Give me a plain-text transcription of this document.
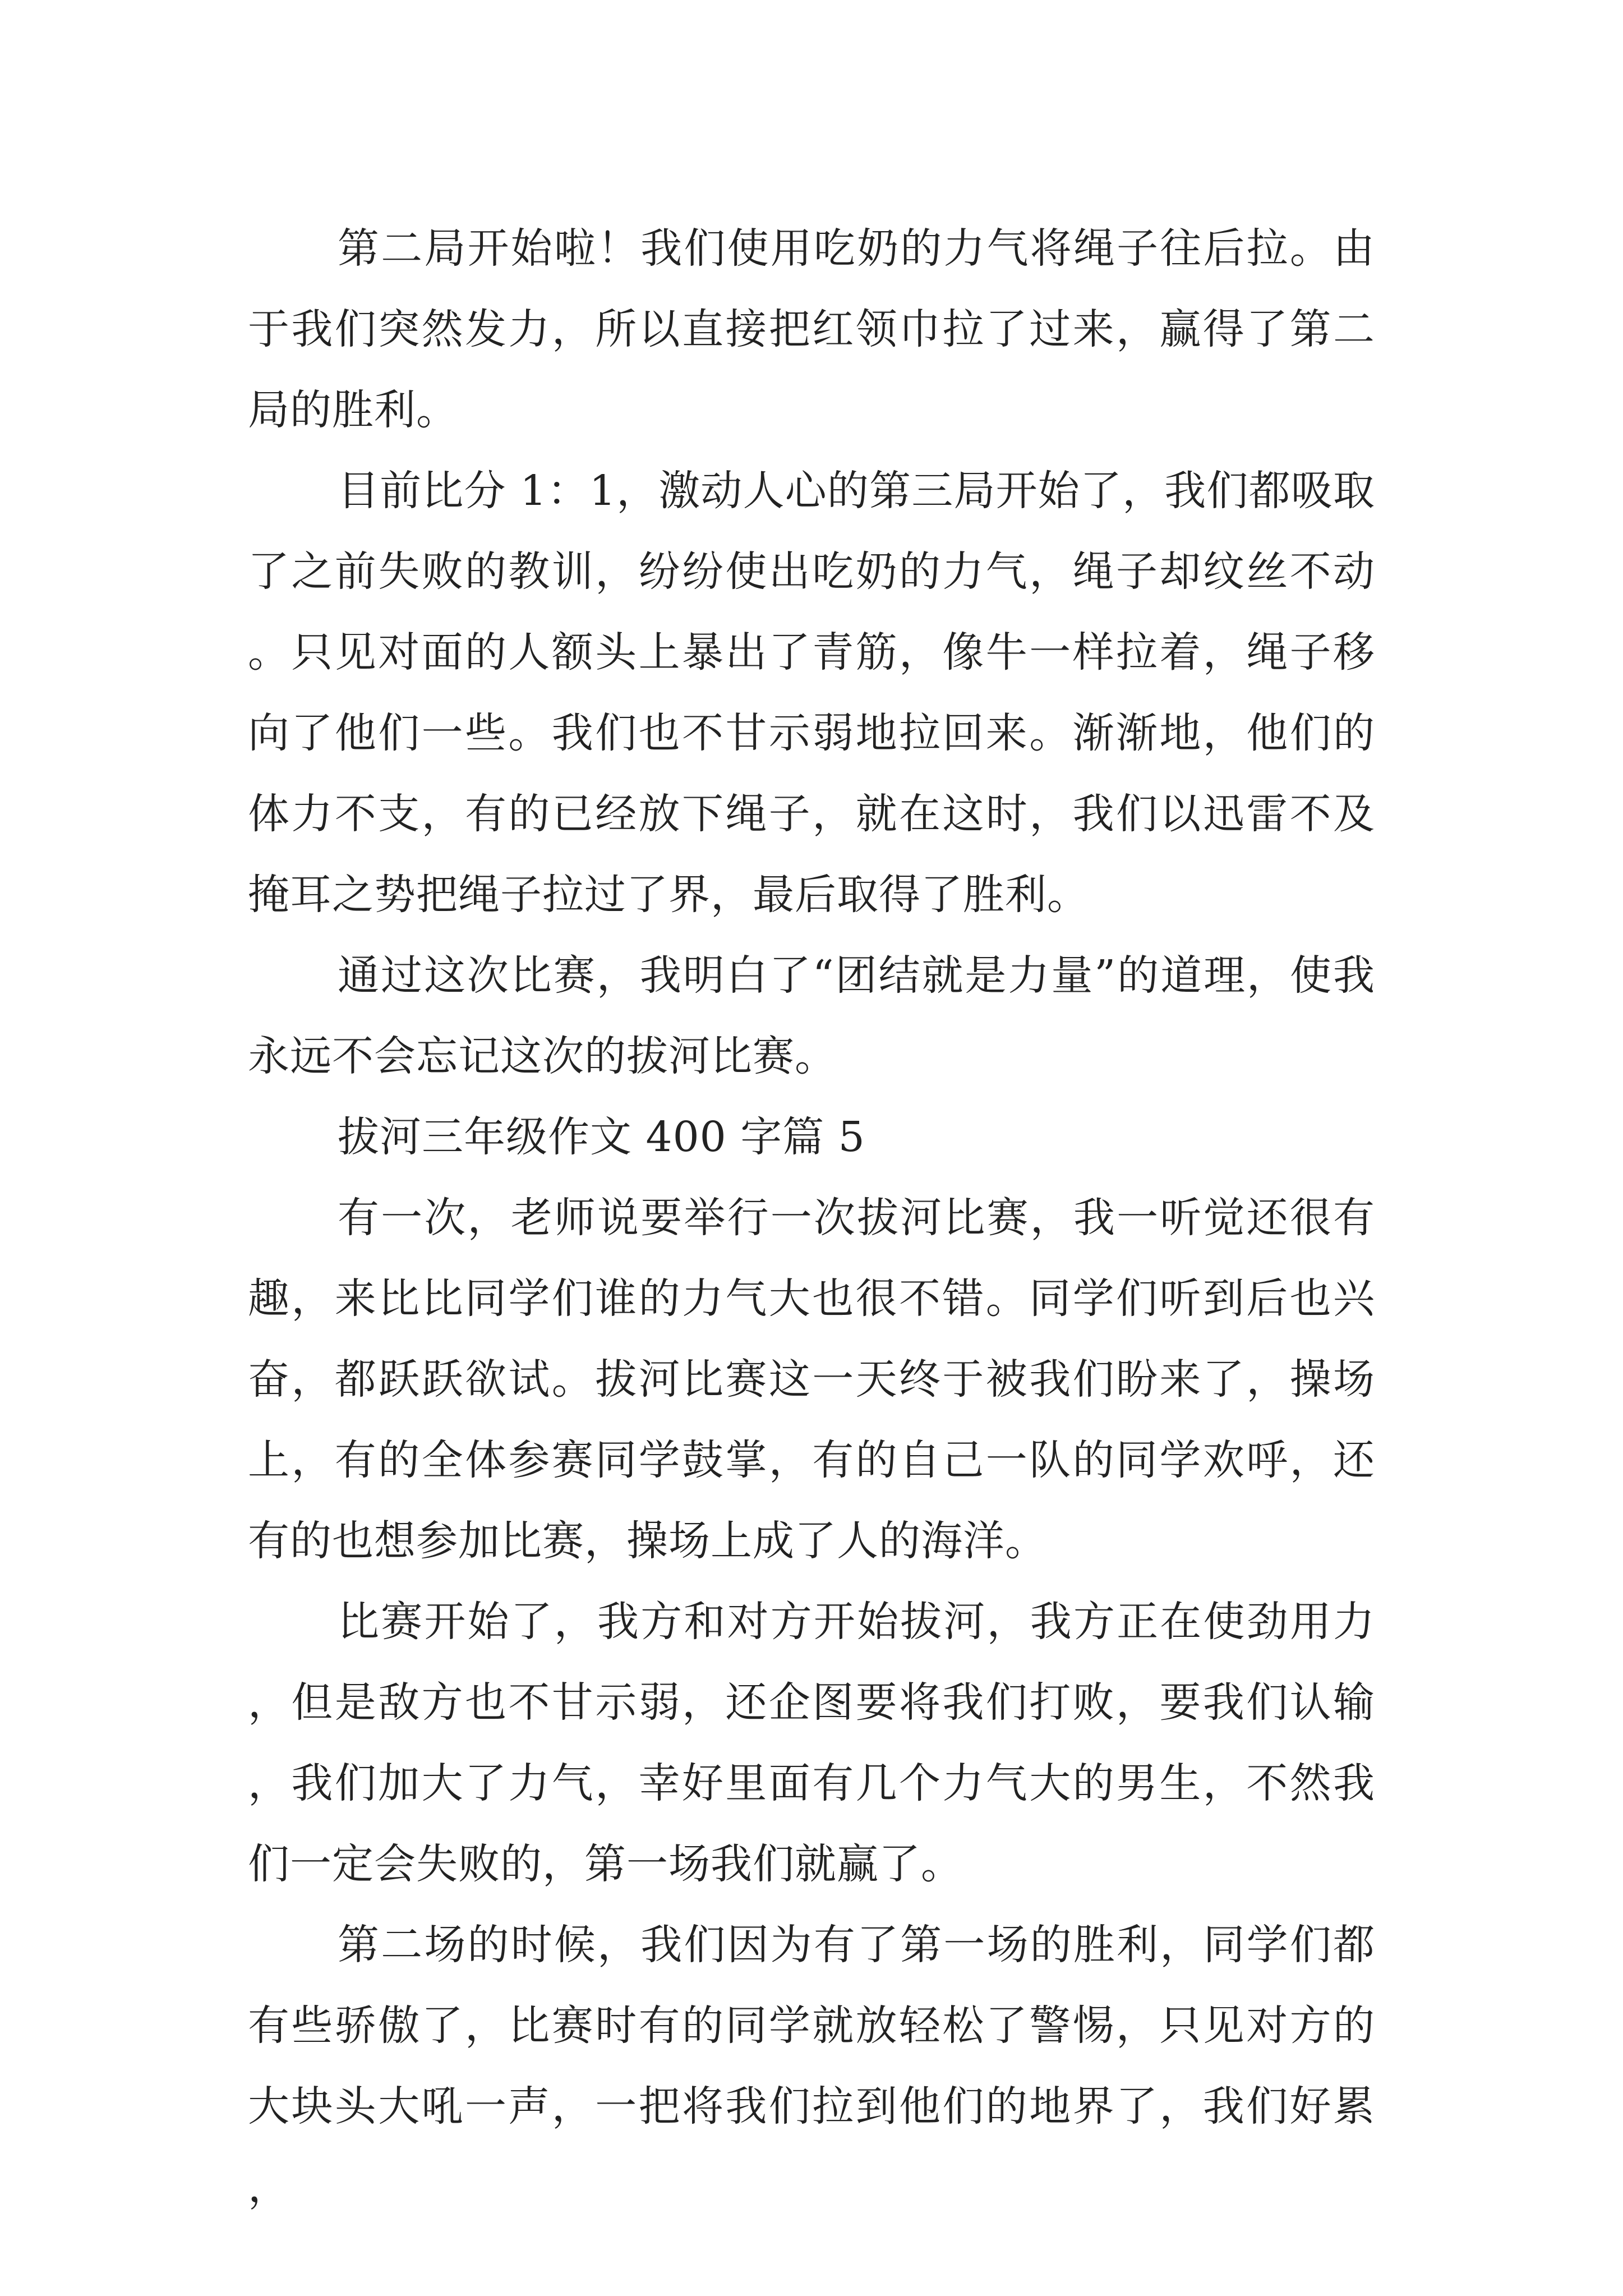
第二局开始啦！我们使用吃奶的力气将绳子往后拉。由于我们突然发力，所以直接把红领巾拉了过来，赢得了第二局的胜利。

目前比分 1：1，激动人心的第三局开始了，我们都吸取了之前失败的教训，纷纷使出吃奶的力气，绳子却纹丝不动。只见对面的人额头上暴出了青筋，像牛一样拉着，绳子移向了他们一些。我们也不甘示弱地拉回来。渐渐地，他们的体力不支，有的已经放下绳子，就在这时，我们以迅雷不及掩耳之势把绳子拉过了界，最后取得了胜利。

通过这次比赛，我明白了“团结就是力量”的道理，使我永远不会忘记这次的拔河比赛。

拔河三年级作文 400 字篇 5

有一次，老师说要举行一次拔河比赛，我一听觉还很有趣，来比比同学们谁的力气大也很不错。同学们听到后也兴奋，都跃跃欲试。拔河比赛这一天终于被我们盼来了，操场上，有的全体参赛同学鼓掌，有的自己一队的同学欢呼，还有的也想参加比赛，操场上成了人的海洋。

比赛开始了，我方和对方开始拔河，我方正在使劲用力，但是敌方也不甘示弱，还企图要将我们打败，要我们认输，我们加大了力气，幸好里面有几个力气大的男生，不然我们一定会失败的，第一场我们就赢了。

第二场的时候，我们因为有了第一场的胜利，同学们都有些骄傲了，比赛时有的同学就放轻松了警惕，只见对方的大块头大吼一声，一把将我们拉到他们的地界了，我们好累，
